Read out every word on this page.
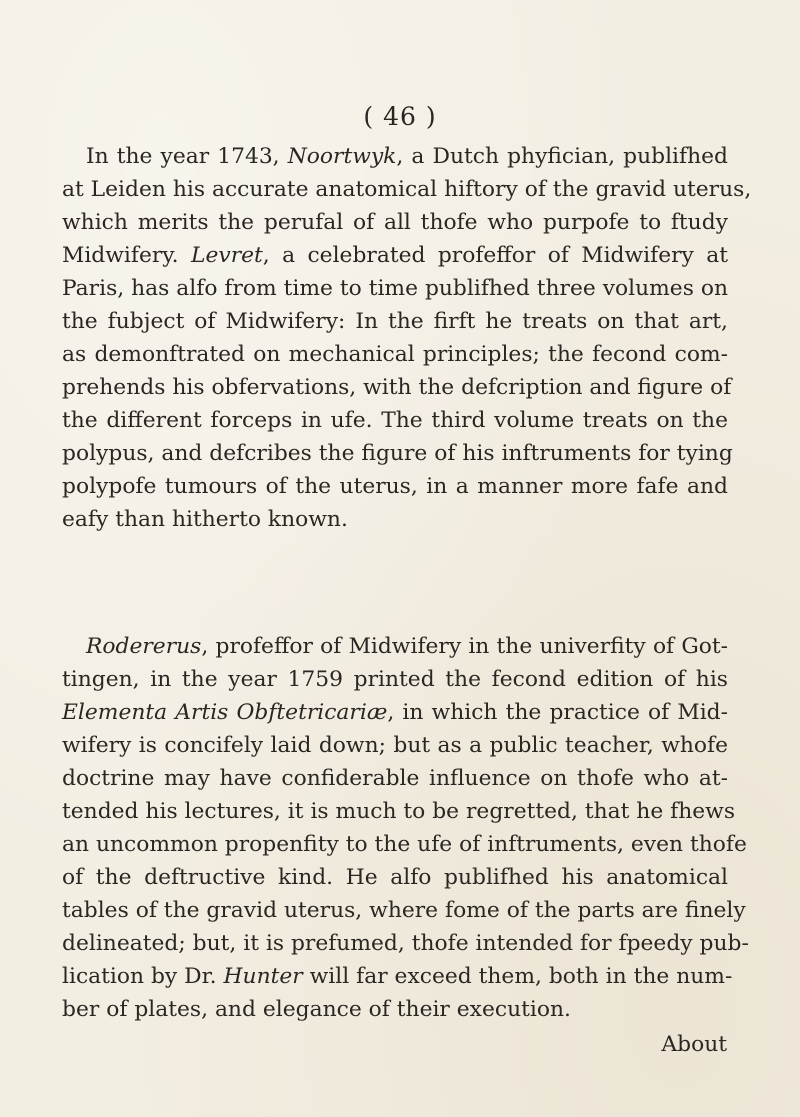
( 46 )
In the year 1743, Noortwyk, a Dutch phyfician, publifhed
at Leiden his accurate anatomical hiftory of the gravid uterus,
which merits the perufal of all thofe who purpofe to ftudy
Midwifery. Levret, a celebrated profeffor of Midwifery at
Paris, has alfo from time to time publifhed three volumes on
the fubject of Midwifery: In the firft he treats on that art,
as demonftrated on mechanical principles; the fecond com-
prehends his obfervations, with the defcription and figure of
the different forceps in ufe. The third volume treats on the
polypus, and defcribes the figure of his inftruments for tying
polypofe tumours of the uterus, in a manner more fafe and
eafy than hitherto known.
Rodererus, profeffor of Midwifery in the univerfity of Got-
tingen, in the year 1759 printed the fecond edition of his
Elementa Artis Obftetricariæ, in which the practice of Mid-
wifery is concifely laid down; but as a public teacher, whofe
doctrine may have confiderable influence on thofe who at-
tended his lectures, it is much to be regretted, that he fhews
an uncommon propenfity to the ufe of inftruments, even thofe
of the deftructive kind. He alfo publifhed his anatomical
tables of the gravid uterus, where fome of the parts are finely
delineated; but, it is prefumed, thofe intended for fpeedy pub-
lication by Dr. Hunter will far exceed them, both in the num-
ber of plates, and elegance of their execution.
About
